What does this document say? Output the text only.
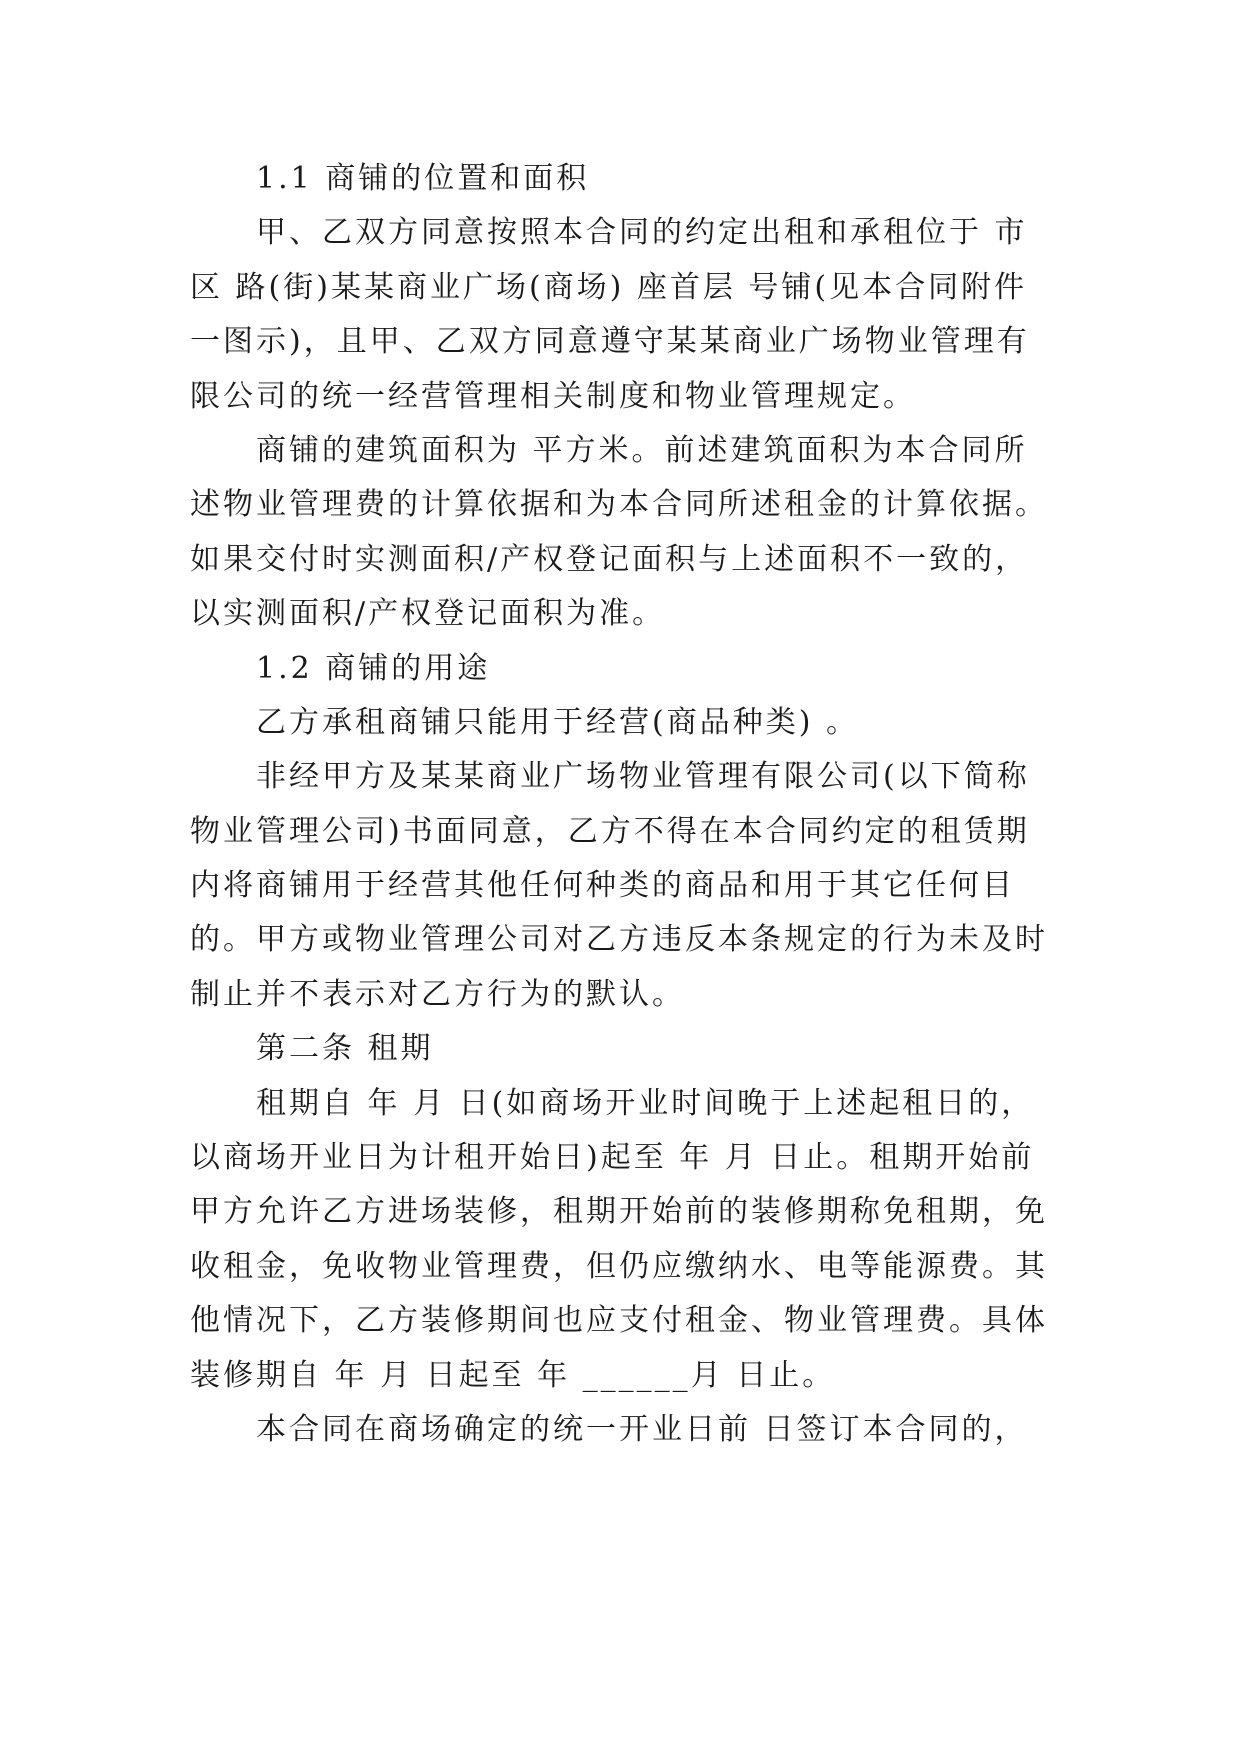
1.1 商铺的位置和面积
甲、乙双方同意按照本合同的约定出租和承租位于 市
区 路(街)某某商业广场(商场) 座首层 号铺(见本合同附件
一图示)，且甲、乙双方同意遵守某某商业广场物业管理有
限公司的统一经营管理相关制度和物业管理规定。
商铺的建筑面积为 平方米。前述建筑面积为本合同所
述物业管理费的计算依据和为本合同所述租金的计算依据。
如果交付时实测面积/产权登记面积与上述面积不一致的，
以实测面积/产权登记面积为准。
1.2 商铺的用途
乙方承租商铺只能用于经营(商品种类) 。
非经甲方及某某商业广场物业管理有限公司(以下简称
物业管理公司)书面同意，乙方不得在本合同约定的租赁期
内将商铺用于经营其他任何种类的商品和用于其它任何目
的。甲方或物业管理公司对乙方违反本条规定的行为未及时
制止并不表示对乙方行为的默认。
第二条 租期
租期自 年 月 日(如商场开业时间晚于上述起租日的，
以商场开业日为计租开始日)起至 年 月 日止。租期开始前
甲方允许乙方进场装修，租期开始前的装修期称免租期，免
收租金，免收物业管理费，但仍应缴纳水、电等能源费。其
他情况下，乙方装修期间也应支付租金、物业管理费。具体
装修期自 年 月 日起至 年 ______月 日止。
本合同在商场确定的统一开业日前 日签订本合同的，
